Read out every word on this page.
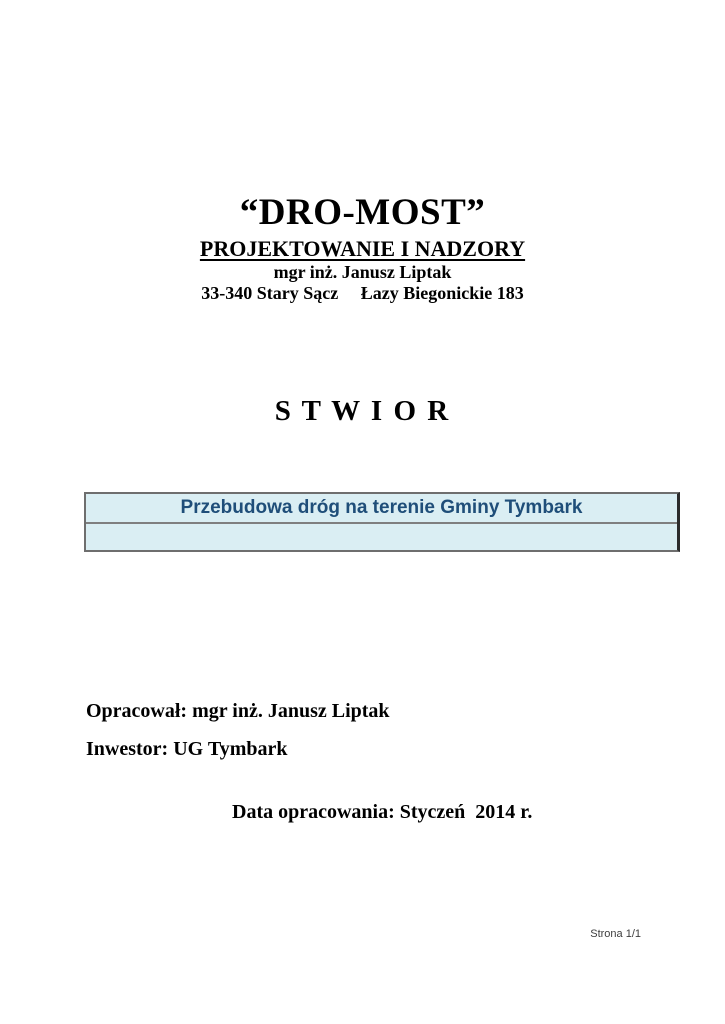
“DRO-MOST”
PROJEKTOWANIE I NADZORY
mgr inż. Janusz Liptak
33-340 Stary Sącz     Łazy Biegonickie 183
S T W I O R
Przebudowa dróg na terenie Gminy Tymbark
Opracował: mgr inż. Janusz Liptak
Inwestor: UG Tymbark
Data opracowania: Styczeń  2014 r.
Strona 1/1
